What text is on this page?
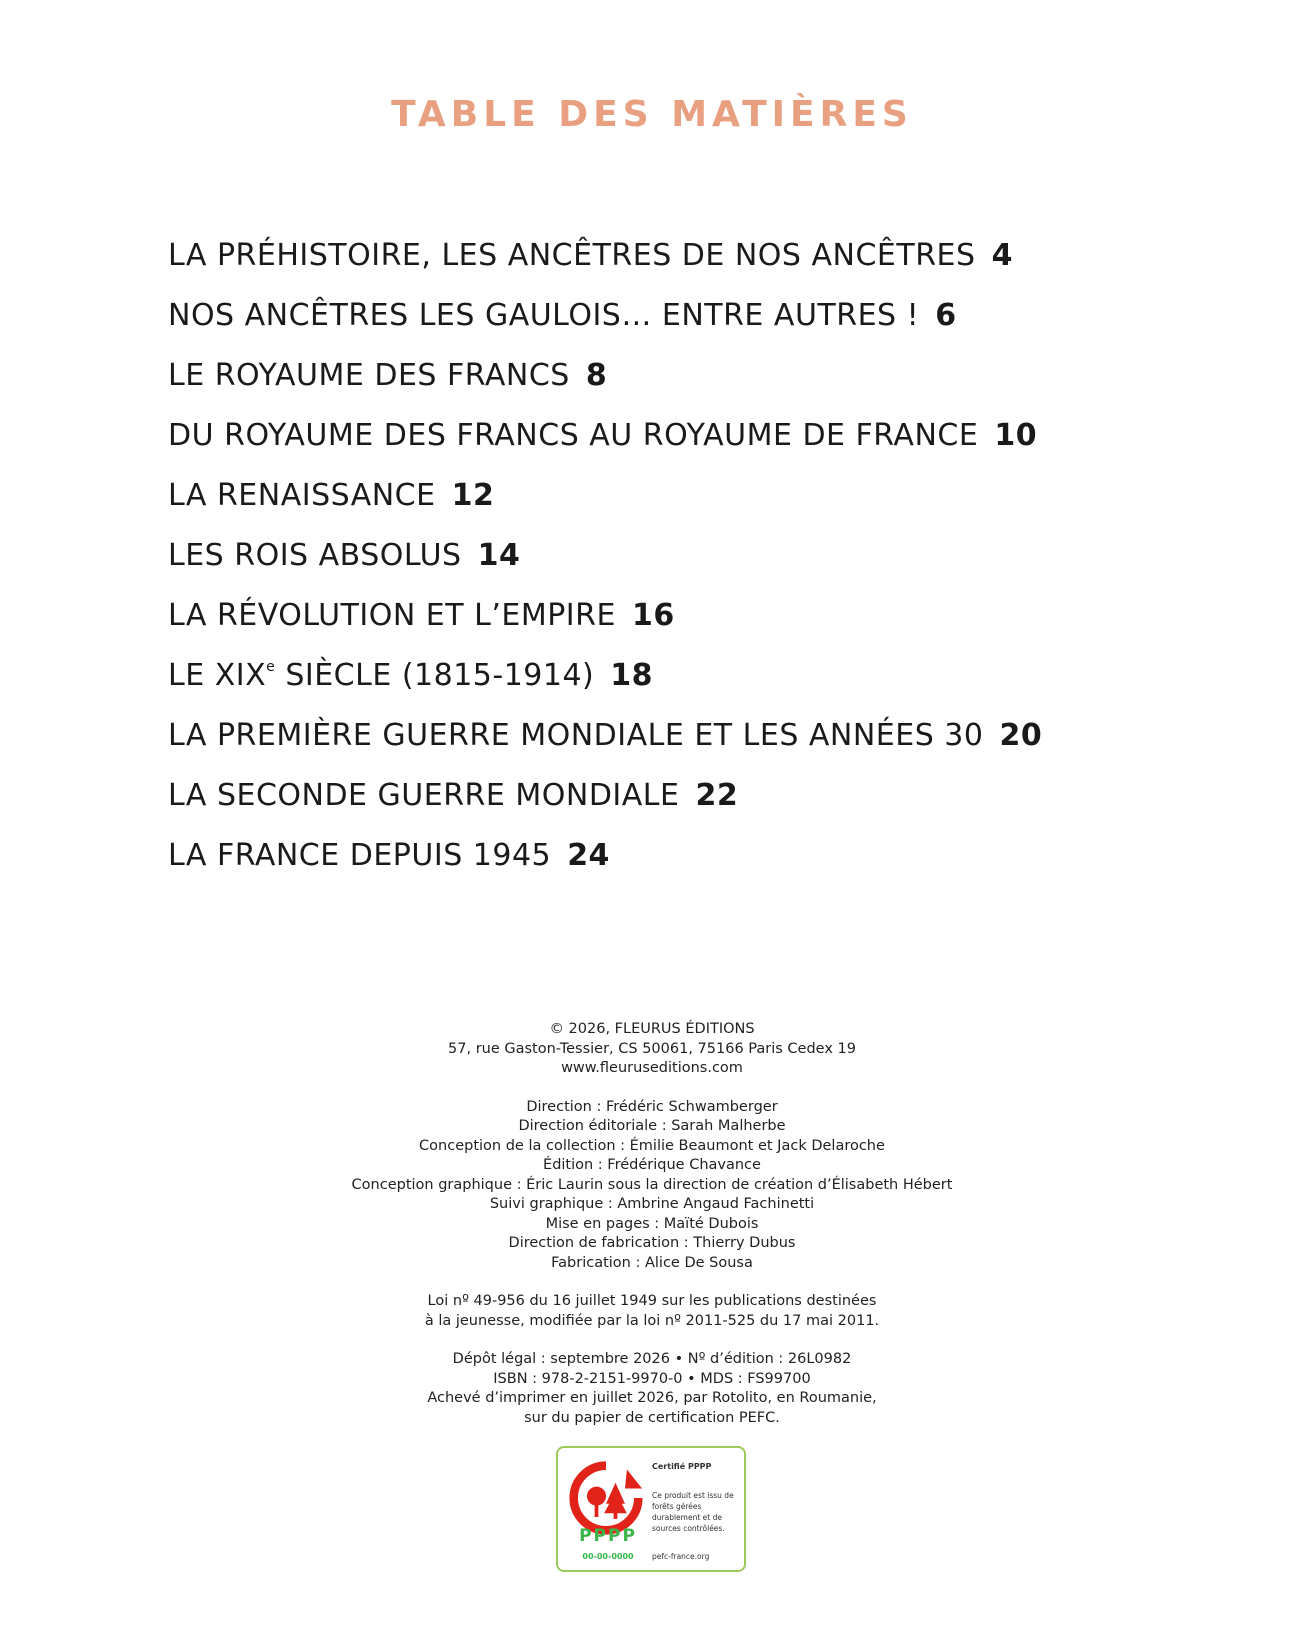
TABLE DES MATIÈRES
LA PRÉHISTOIRE, LES ANCÊTRES DE NOS ANCÊTRES 4
NOS ANCÊTRES LES GAULOIS… ENTRE AUTRES ! 6
LE ROYAUME DES FRANCS 8
DU ROYAUME DES FRANCS AU ROYAUME DE FRANCE 10
LA RENAISSANCE 12
LES ROIS ABSOLUS 14
LA RÉVOLUTION ET L’EMPIRE 16
LE XIXe SIÈCLE (1815-1914) 18
LA PREMIÈRE GUERRE MONDIALE ET LES ANNÉES 30 20
LA SECONDE GUERRE MONDIALE 22
LA FRANCE DEPUIS 1945 24
© 2026, FLEURUS ÉDITIONS
57, rue Gaston-Tessier, CS 50061, 75166 Paris Cedex 19
www.fleuruseditions.com
Direction : Frédéric Schwamberger
Direction éditoriale : Sarah Malherbe
Conception de la collection : Émilie Beaumont et Jack Delaroche
Édition : Frédérique Chavance
Conception graphique : Éric Laurin sous la direction de création d’Élisabeth Hébert
Suivi graphique : Ambrine Angaud Fachinetti
Mise en pages : Maïté Dubois
Direction de fabrication : Thierry Dubus
Fabrication : Alice De Sousa
Loi nº 49-956 du 16 juillet 1949 sur les publications destinées
à la jeunesse, modifiée par la loi nº 2011-525 du 17 mai 2011.
Dépôt légal : septembre 2026 • Nº d’édition : 26L0982
ISBN : 978-2-2151-9970-0 • MDS : FS99700
Achevé d’imprimer en juillet 2026, par Rotolito, en Roumanie,
sur du papier de certification PEFC.
PPPP
00-00-0000
Certifié PPPP
Ce produit est issu de forêts gérées durablement et de sources contrôlées.
pefc-france.org
